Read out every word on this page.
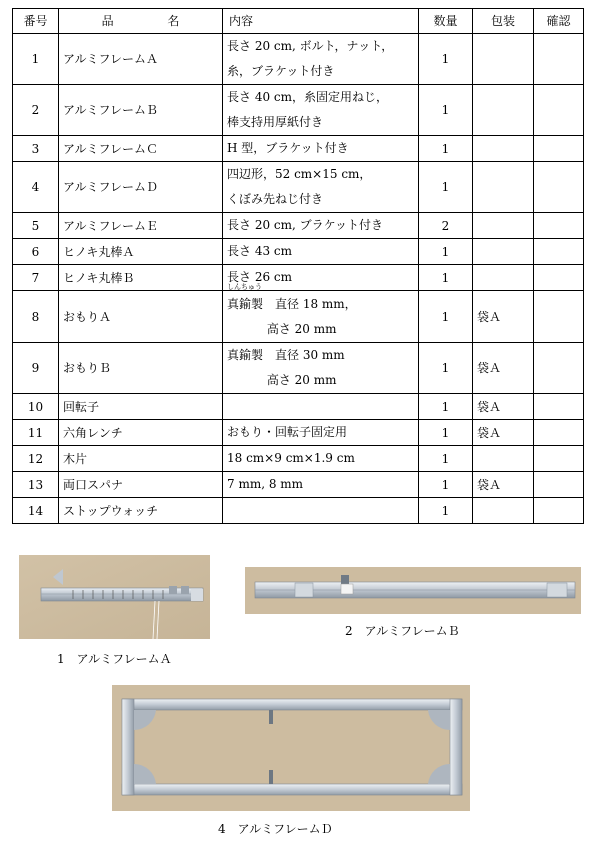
番号	品 名	内容	数量	包装	確認
1	アルミフレームＡ	長さ 20 cm, ボルト，ナット，
糸，ブラケット付き	1		
2	アルミフレームＢ	長さ 40 cm，糸固定用ねじ，
棒支持用厚紙付き	1		
3	アルミフレームＣ	H 型，ブラケット付き	1		
4	アルミフレームＤ	四辺形，52 cm×15 cm，
くぼみ先ねじ付き	1		
5	アルミフレームＥ	長さ 20 cm, ブラケット付き	2		
6	ヒノキ丸棒Ａ	長さ 43 cm	1		
7	ヒノキ丸棒Ｂ	長さ 26 cm	1		
8	おもりＡ	しんちゅう
真鍮製　直径 18 mm，
　　　 高さ 20 mm	1	袋Ａ	
9	おもりＢ	真鍮製　直径 30 mm
　　　 高さ 20 mm	1	袋Ａ	
10	回転子		1	袋Ａ	
11	六角レンチ	おもり・回転子固定用	1	袋Ａ	
12	木片	18 cm×9 cm×1.9 cm	1		
13	両口スパナ	7 mm, 8 mm	1	袋Ａ	
14	ストップウォッチ		1		
1　アルミフレームＡ
2　アルミフレームＢ
4　アルミフレームＤ
